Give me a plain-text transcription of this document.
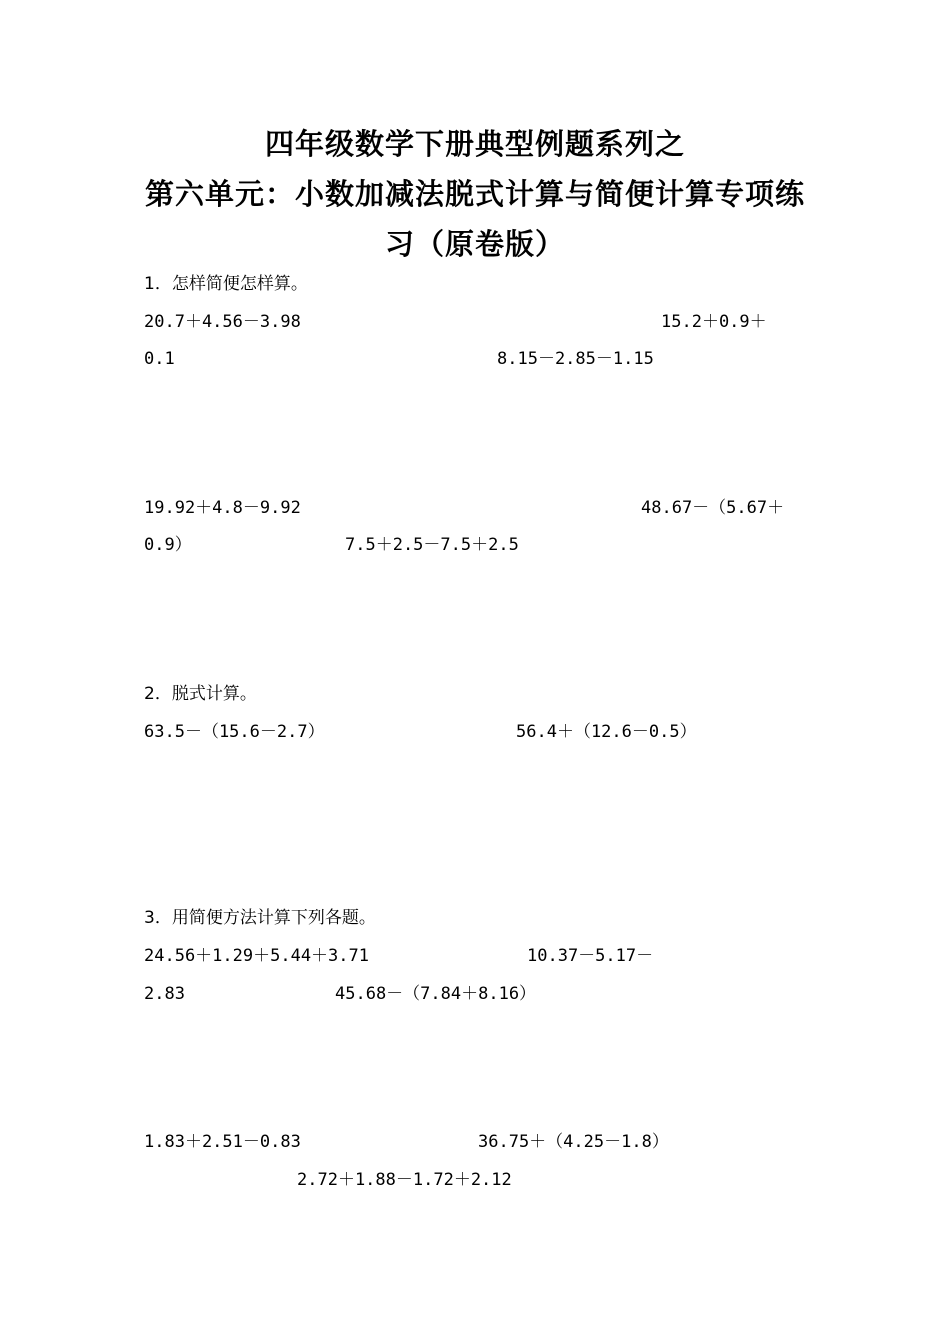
四年级数学下册典型例题系列之
第六单元：小数加减法脱式计算与简便计算专项练
习（原卷版）
1．怎样简便怎样算。
20.7＋4.56－3.98	15.2＋0.9＋
0.1	8.15－2.85－1.15
19.92＋4.8－9.92	48.67－（5.67＋
0.9）	7.5＋2.5－7.5＋2.5
2．脱式计算。
63.5－（15.6－2.7）	56.4＋（12.6－0.5）
3．用简便方法计算下列各题。
24.56＋1.29＋5.44＋3.71	10.37－5.17－
2.83	45.68－（7.84＋8.16）
1.83＋2.51－0.83	36.75＋（4.25－1.8）
2.72＋1.88－1.72＋2.12
